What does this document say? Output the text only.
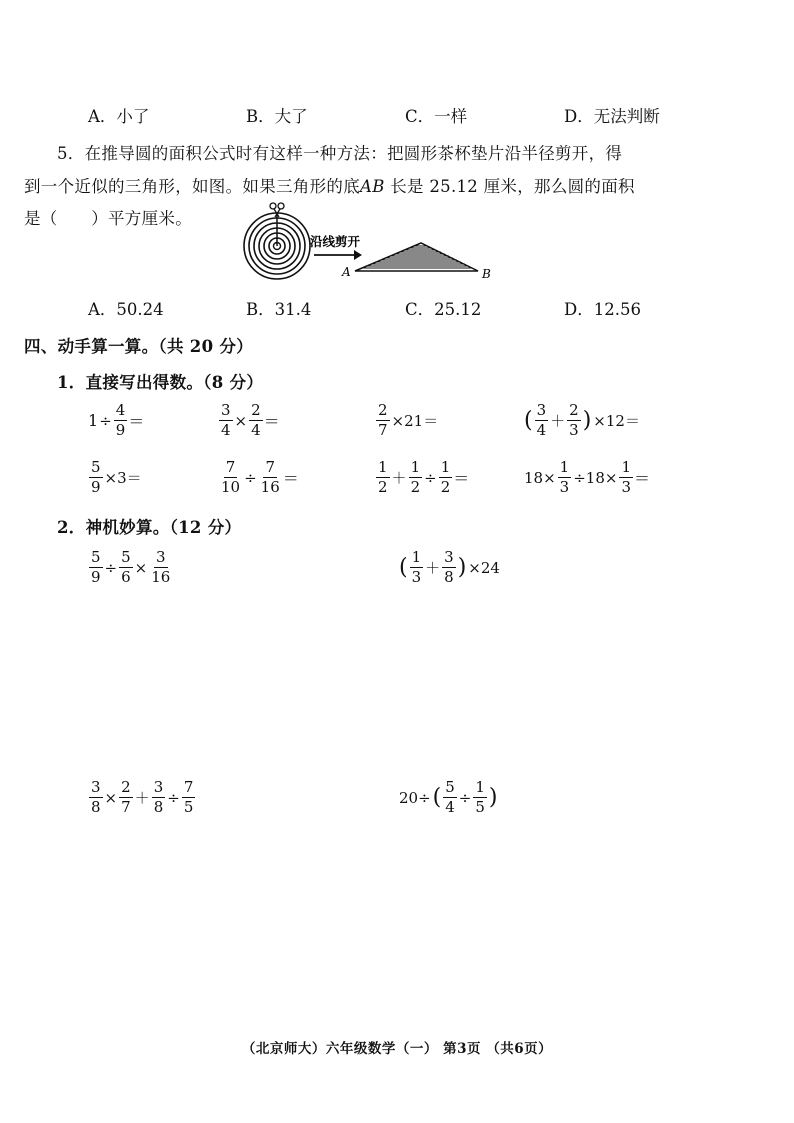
A．小了	B．大了	C．一样	D．无法判断
5．在推导圆的面积公式时有这样一种方法：把圆形茶杯垫片沿半径剪开，得
到一个近似的三角形，如图。如果三角形的底AB 长是 25.12 厘米，那么圆的面积
是（　　）平方厘米。
沿线剪开
A	B
A．50.24	B．31.4	C．25.12	D．12.56
四、动手算一算。（共 20 分）
1．直接写出得数。（8 分）
$1 \div \frac{4}{9}$ ＝	$\frac{3}{4} \times \frac{2}{4}$ ＝	$\frac{2}{7} \times 21=$	( $\frac{3}{4} + \frac{2}{3}$ ) ×12＝
$\frac{5}{9} \times 3=$	$\frac{7}{10} \div \frac{7}{16}$ ＝	$\frac{1}{2} + \frac{1}{2} \div \frac{1}{2}$ ＝	$18\times \frac{1}{3} \div 18\times \frac{1}{3}$ ＝
2．神机妙算。（12 分）
$\frac{5}{9} \div \frac{5}{6} \times \frac{3}{16}$	( $\frac{1}{3} + \frac{3}{8}$ ) ×24
$\frac{3}{8} \times \frac{2}{7} + \frac{3}{8} \div \frac{7}{5}$	20÷ ( $\frac{5}{4} \div \frac{1}{5}$ )
（北京师大）六年级数学（一） 第3页 （共6页）
